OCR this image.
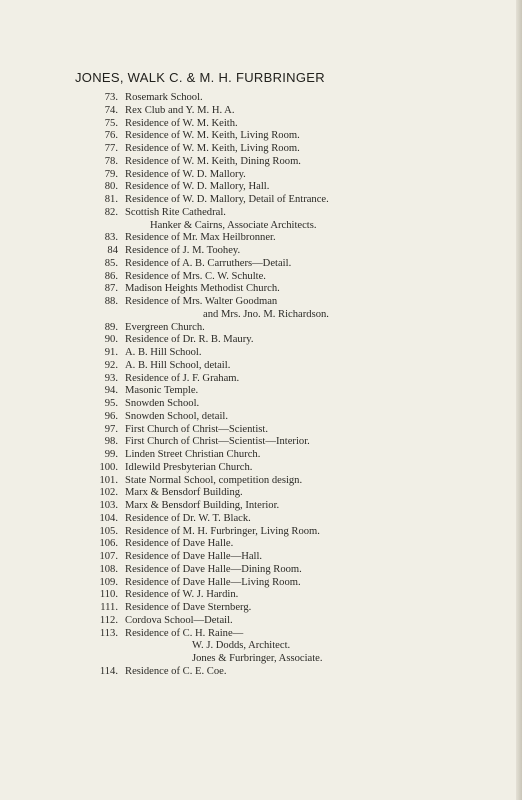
JONES, WALK C. & M. H. FURBRINGER
73. Rosemark School.
74. Rex Club and Y. M. H. A.
75. Residence of W. M. Keith.
76. Residence of W. M. Keith, Living Room.
77. Residence of W. M. Keith, Living Room.
78. Residence of W. M. Keith, Dining Room.
79. Residence of W. D. Mallory.
80. Residence of W. D. Mallory, Hall.
81. Residence of W. D. Mallory, Detail of Entrance.
82. Scottish Rite Cathedral.
Hanker & Cairns, Associate Architects.
83. Residence of Mr. Max Heilbronner.
84 Residence of J. M. Toohey.
85. Residence of A. B. Carruthers—Detail.
86. Residence of Mrs. C. W. Schulte.
87. Madison Heights Methodist Church.
88. Residence of Mrs. Walter Goodman
and Mrs. Jno. M. Richardson.
89. Evergreen Church.
90. Residence of Dr. R. B. Maury.
91. A. B. Hill School.
92. A. B. Hill School, detail.
93. Residence of J. F. Graham.
94. Masonic Temple.
95. Snowden School.
96. Snowden School, detail.
97. First Church of Christ—Scientist.
98. First Church of Christ—Scientist—Interior.
99. Linden Street Christian Church.
100. Idlewild Presbyterian Church.
101. State Normal School, competition design.
102. Marx & Bensdorf Building.
103. Marx & Bensdorf Building, Interior.
104. Residence of Dr. W. T. Black.
105. Residence of M. H. Furbringer, Living Room.
106. Residence of Dave Halle.
107. Residence of Dave Halle—Hall.
108. Residence of Dave Halle—Dining Room.
109. Residence of Dave Halle—Living Room.
110. Residence of W. J. Hardin.
111. Residence of Dave Sternberg.
112. Cordova School—Detail.
113. Residence of C. H. Raine—
W. J. Dodds, Architect.
Jones & Furbringer, Associate.
114. Residence of C. E. Coe.
